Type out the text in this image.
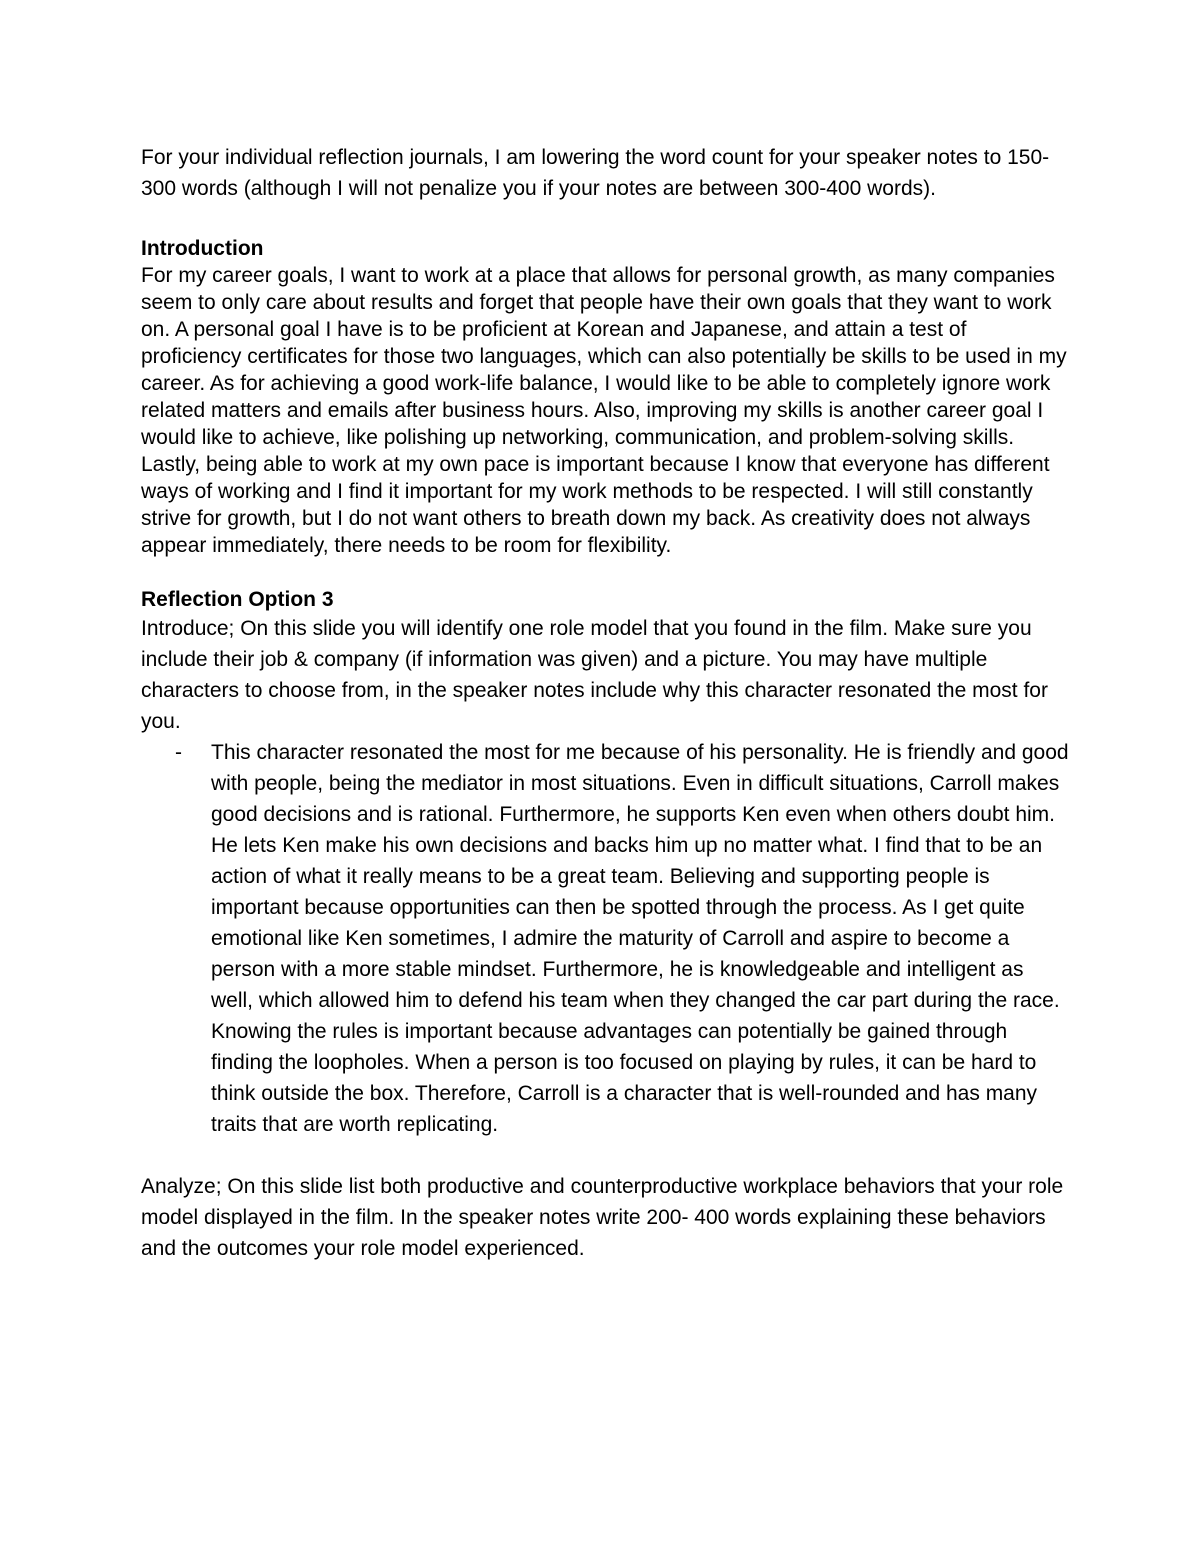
For your individual reflection journals, I am lowering the word count for your speaker notes to 150-300 words (although I will not penalize you if your notes are between 300-400 words).

Introduction

For my career goals, I want to work at a place that allows for personal growth, as many companies seem to only care about results and forget that people have their own goals that they want to work on. A personal goal I have is to be proficient at Korean and Japanese, and attain a test of proficiency certificates for those two languages, which can also potentially be skills to be used in my career. As for achieving a good work-life balance, I would like to be able to completely ignore work related matters and emails after business hours. Also, improving my skills is another career goal I would like to achieve, like polishing up networking, communication, and problem-solving skills. Lastly, being able to work at my own pace is important because I know that everyone has different ways of working and I find it important for my work methods to be respected. I will still constantly strive for growth, but I do not want others to breath down my back. As creativity does not always appear immediately, there needs to be room for flexibility.

Reflection Option 3

Introduce; On this slide you will identify one role model that you found in the film. Make sure you include their job & company (if information was given) and a picture. You may have multiple characters to choose from, in the speaker notes include why this character resonated the most for you.

-	This character resonated the most for me because of his personality. He is friendly and good with people, being the mediator in most situations. Even in difficult situations, Carroll makes good decisions and is rational. Furthermore, he supports Ken even when others doubt him. He lets Ken make his own decisions and backs him up no matter what. I find that to be an action of what it really means to be a great team. Believing and supporting people is important because opportunities can then be spotted through the process. As I get quite emotional like Ken sometimes, I admire the maturity of Carroll and aspire to become a person with a more stable mindset. Furthermore, he is knowledgeable and intelligent as well, which allowed him to defend his team when they changed the car part during the race. Knowing the rules is important because advantages can potentially be gained through finding the loopholes. When a person is too focused on playing by rules, it can be hard to think outside the box. Therefore, Carroll is a character that is well-rounded and has many traits that are worth replicating.

Analyze; On this slide list both productive and counterproductive workplace behaviors that your role model displayed in the film. In the speaker notes write 200- 400 words explaining these behaviors and the outcomes your role model experienced.
